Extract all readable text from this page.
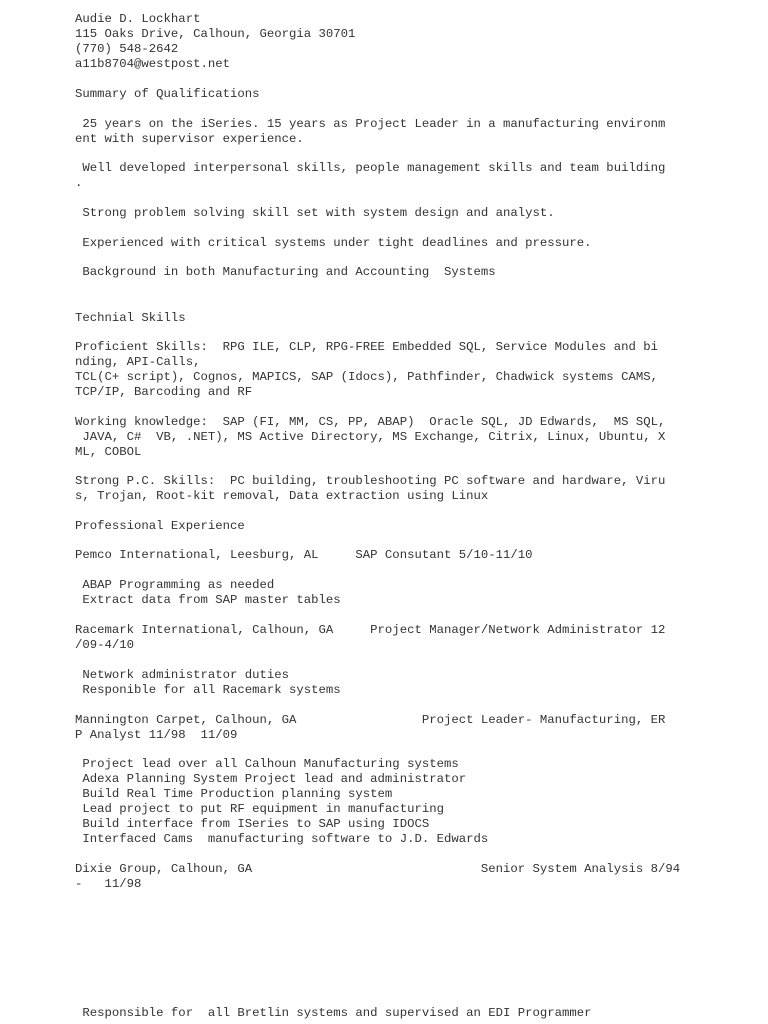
Audie D. Lockhart

115 Oaks Drive, Calhoun, Georgia 30701

(770) 548-2642

a11b8704@westpost.net

Summary of Qualifications

25 years on the iSeries. 15 years as Project Leader in a manufacturing environm

ent with supervisor experience.

Well developed interpersonal skills, people management skills and team building

.

Strong problem solving skill set with system design and analyst.

Experienced with critical systems under tight deadlines and pressure.

Background in both Manufacturing and Accounting  Systems

Technial Skills

Proficient Skills:  RPG ILE, CLP, RPG-FREE Embedded SQL, Service Modules and bi

nding, API-Calls,

TCL(C+ script), Cognos, MAPICS, SAP (Idocs), Pathfinder, Chadwick systems CAMS,

TCP/IP, Barcoding and RF

Working knowledge:  SAP (FI, MM, CS, PP, ABAP)  Oracle SQL, JD Edwards,  MS SQL,

JAVA, C#  VB, .NET), MS Active Directory, MS Exchange, Citrix, Linux, Ubuntu, X

ML, COBOL

Strong P.C. Skills:  PC building, troubleshooting PC software and hardware, Viru

s, Trojan, Root-kit removal, Data extraction using Linux

Professional Experience

Pemco International, Leesburg, AL     SAP Consutant 5/10-11/10

ABAP Programming as needed

Extract data from SAP master tables

Racemark International, Calhoun, GA     Project Manager/Network Administrator 12

/09-4/10

Network administrator duties

Responible for all Racemark systems

Mannington Carpet, Calhoun, GA                 Project Leader- Manufacturing, ER

P Analyst 11/98  11/09

Project lead over all Calhoun Manufacturing systems

Adexa Planning System Project lead and administrator

Build Real Time Production planning system

Lead project to put RF equipment in manufacturing

Build interface from ISeries to SAP using IDOCS

Interfaced Cams  manufacturing software to J.D. Edwards

Dixie Group, Calhoun, GA                               Senior System Analysis 8/94

-   11/98

Responsible for  all Bretlin systems and supervised an EDI Programmer
